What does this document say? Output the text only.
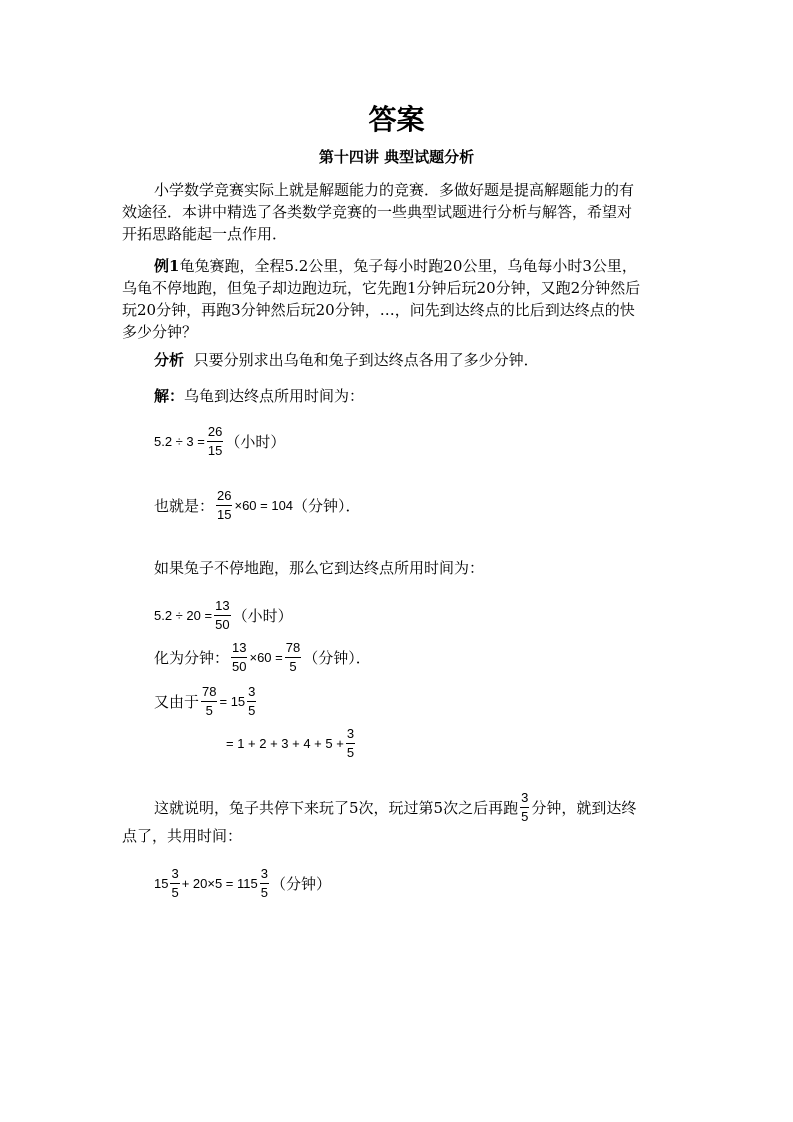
答案
第十四讲 典型试题分析
小学数学竞赛实际上就是解题能力的竞赛．多做好题是提高解题能力的有
效途径．本讲中精选了各类数学竞赛的一些典型试题进行分析与解答，希望对
开拓思路能起一点作用．
例1龟兔赛跑，全程5.2公里，兔子每小时跑20公里，乌龟每小时3公里，
乌龟不停地跑，但兔子却边跑边玩，它先跑1分钟后玩20分钟，又跑2分钟然后
玩20分钟，再跑3分钟然后玩20分钟，…，问先到达终点的比后到达终点的快
多少分钟？
分析 只要分别求出乌龟和兔子到达终点各用了多少分钟．
解：乌龟到达终点所用时间为：
$5.2 \div 3 = \frac{26}{15}$ （小时）
也就是： $\frac{26}{15} \times 60 = 104$ （分钟）．
如果兔子不停地跑，那么它到达终点所用时间为：
$5.2 \div 20 = \frac{13}{50}$ （小时）
化为分钟： $\frac{13}{50} \times 60 = \frac{78}{5}$ （分钟）．
又由于 $\frac{78}{5} = 15 \frac{3}{5}$
= $1 + 2 + 3 + 4 + 5 + \frac{3}{5}$
这就说明，兔子共停下来玩了5次，玩过第5次之后再跑 $\frac{3}{5}$ 分钟，就到达终
点了，共用时间：
$15 \frac{3}{5} + 20\times 5 = 115 \frac{3}{5}$ （分钟）
